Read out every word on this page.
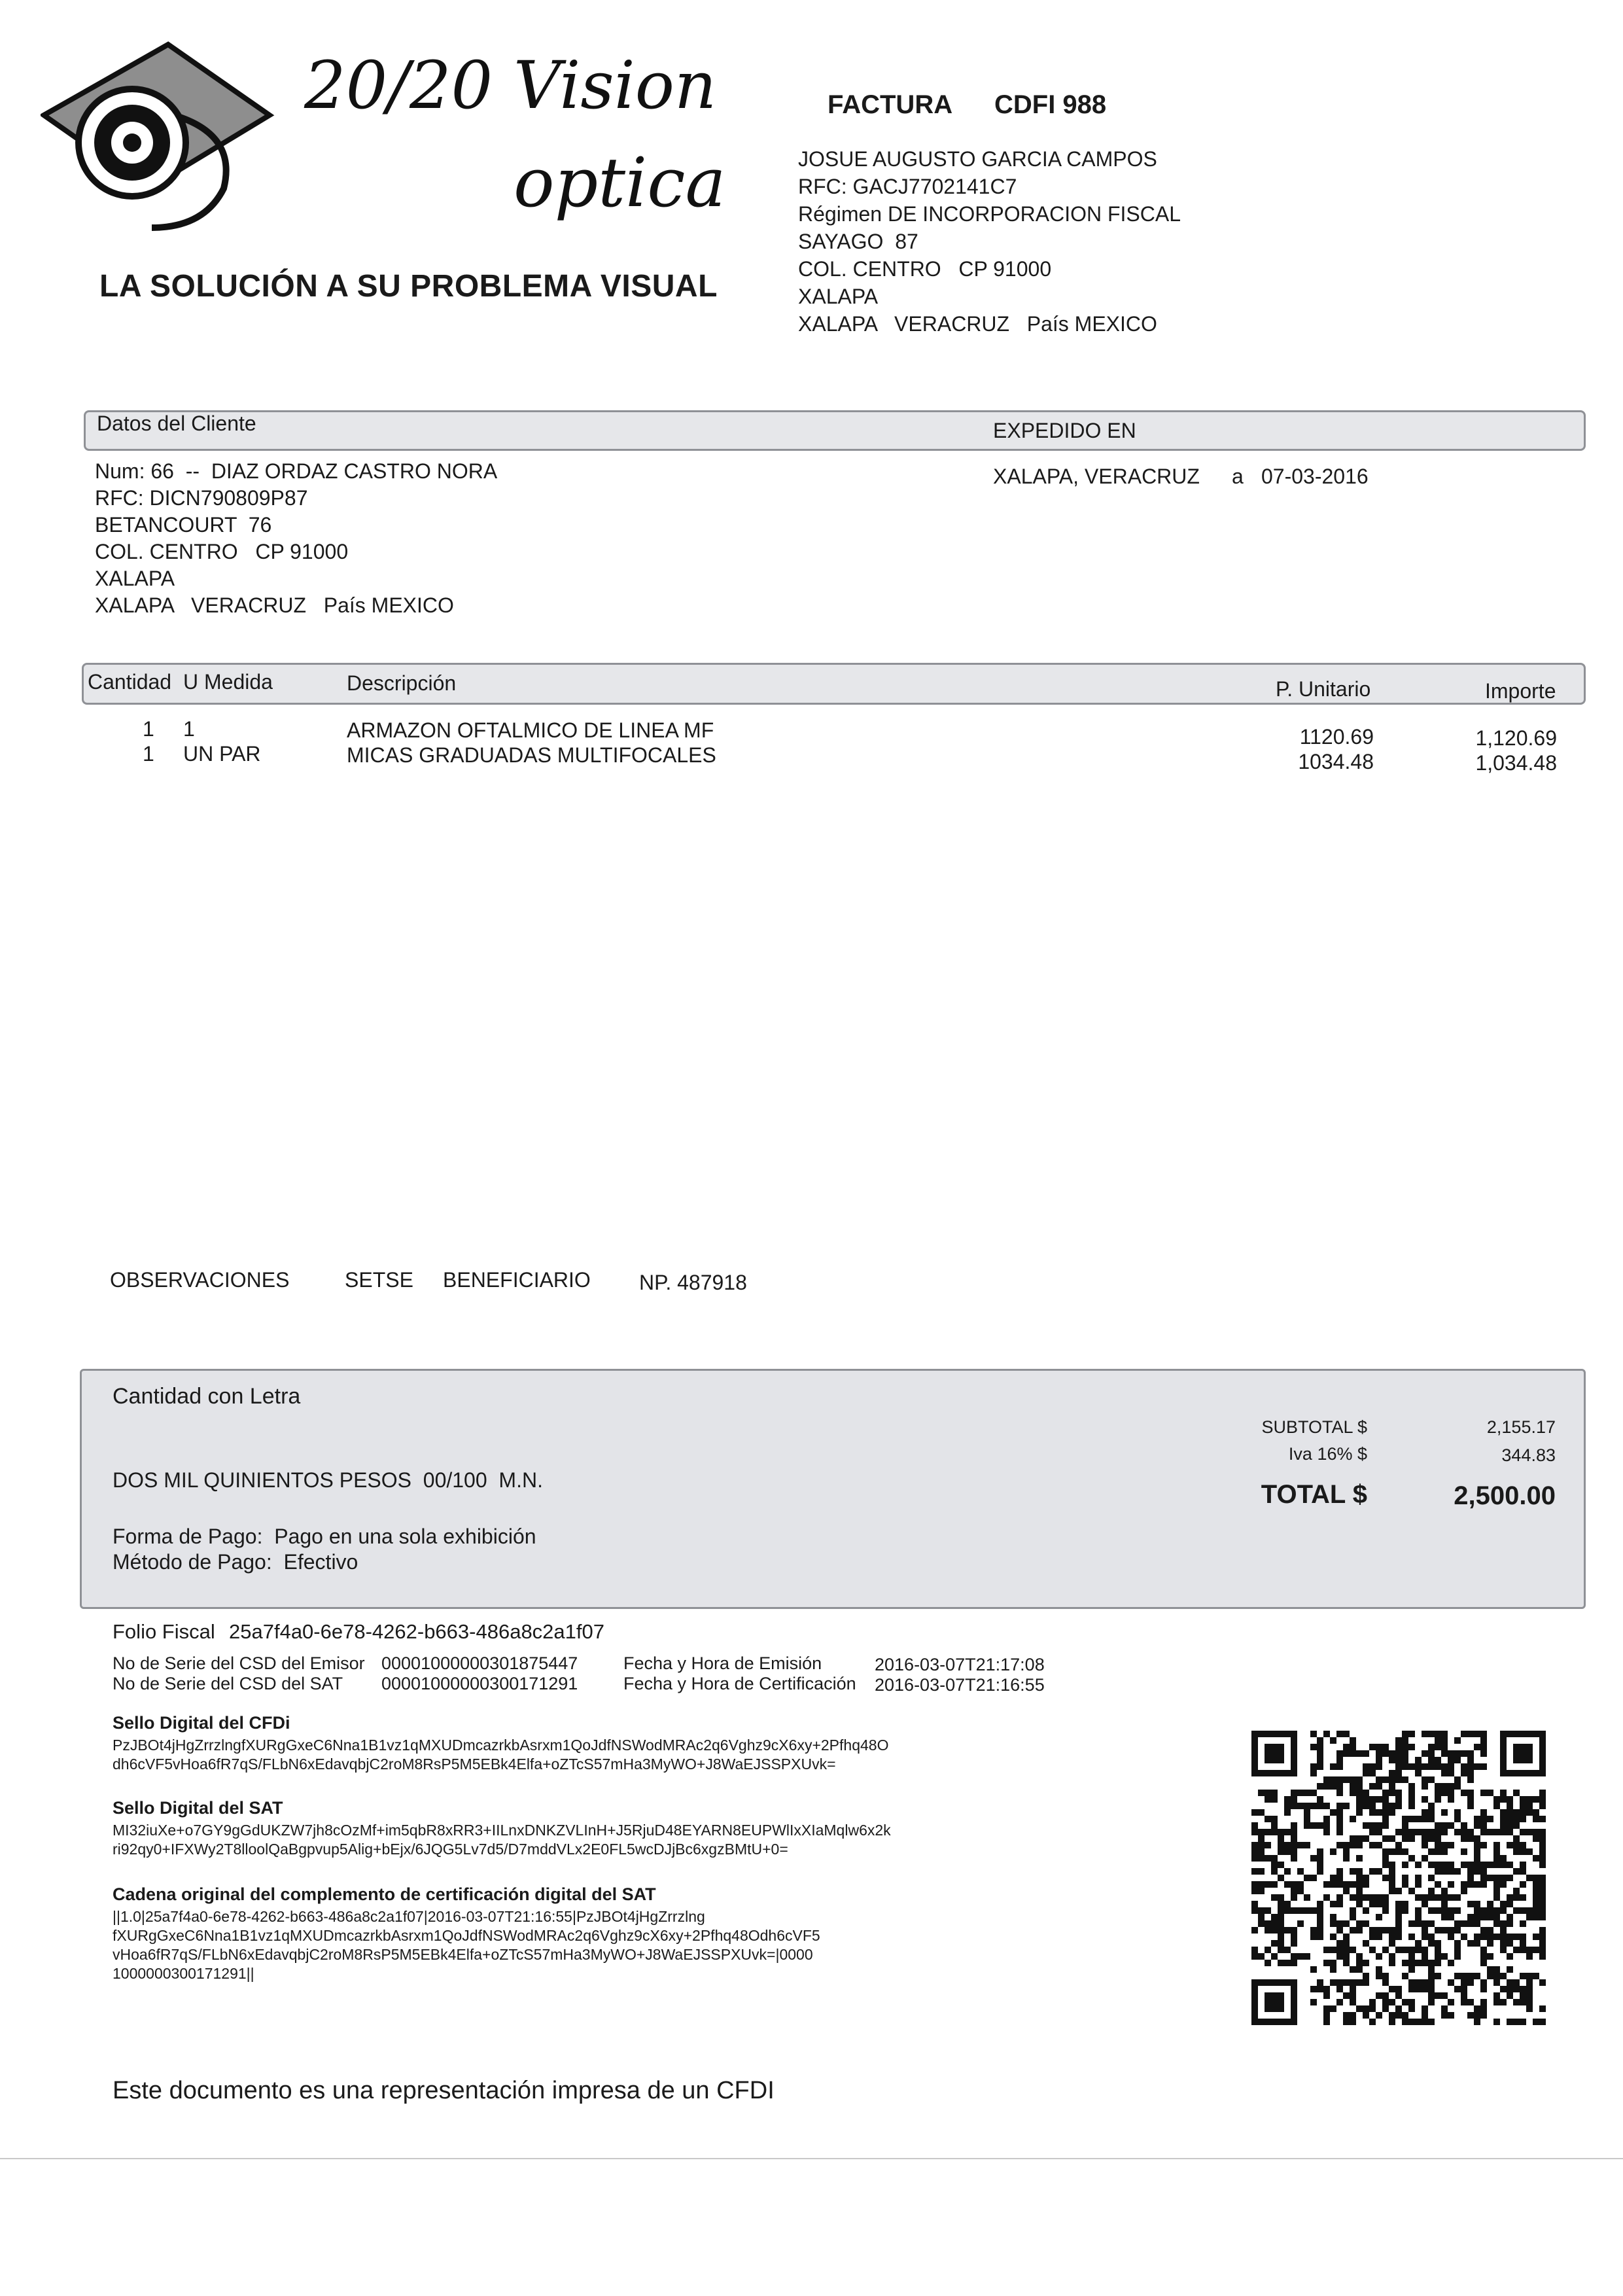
20/20 Vision
optica
LA SOLUCIÓN A SU PROBLEMA VISUAL
FACTURA CDFI 988
JOSUE AUGUSTO GARCIA CAMPOS
RFC: GACJ7702141C7
Régimen DE INCORPORACION FISCAL
SAYAGO  87
COL. CENTRO   CP 91000
XALAPA
XALAPA   VERACRUZ   País MEXICO
Datos del Cliente	EXPEDIDO EN
Num: 66  --  DIAZ ORDAZ CASTRO NORA
RFC: DICN790809P87
BETANCOURT  76
COL. CENTRO   CP 91000
XALAPA
XALAPA   VERACRUZ   País MEXICO
XALAPA, VERACRUZ a 07-03-2016
Cantidad U Medida	Descripción	P. Unitario	Importe
1 1	ARMAZON OFTALMICO DE LINEA MF	1120.69	1,120.69
1 UN PAR	MICAS GRADUADAS MULTIFOCALES	1034.48	1,034.48
OBSERVACIONES	SETSE BENEFICIARIO NP. 487918
Cantidad con Letra
DOS MIL QUINIENTOS PESOS  00/100  M.N.
Forma de Pago:  Pago en una sola exhibición
Método de Pago:  Efectivo
SUBTOTAL $	2,155.17
Iva 16% $	344.83
TOTAL $	2,500.00
Folio Fiscal 25a7f4a0-6e78-4262-b663-486a8c2a1f07
No de Serie del CSD del Emisor 00001000000301875447
No de Serie del CSD del SAT 00001000000300171291
Fecha y Hora de Emisión	2016-03-07T21:17:08
Fecha y Hora de Certificación 2016-03-07T21:16:55
Sello Digital del CFDi
PzJBOt4jHgZrrzlngfXURgGxeC6Nna1B1vz1qMXUDmcazrkbAsrxm1QoJdfNSWodMRAc2q6Vghz9cX6xy+2Pfhq48O
dh6cVF5vHoa6fR7qS/FLbN6xEdavqbjC2roM8RsP5M5EBk4Elfa+oZTcS57mHa3MyWO+J8WaEJSSPXUvk=
Sello Digital del SAT
MI32iuXe+o7GY9gGdUKZW7jh8cOzMf+im5qbR8xRR3+IILnxDNKZVLInH+J5RjuD48EYARN8EUPWlIxXIaMqlw6x2k
ri92qy0+IFXWy2T8lloolQaBgpvup5Alig+bEjx/6JQG5Lv7d5/D7mddVLx2E0FL5wcDJjBc6xgzBMtU+0=
Cadena original del complemento de certificación digital del SAT
||1.0|25a7f4a0-6e78-4262-b663-486a8c2a1f07|2016-03-07T21:16:55|PzJBOt4jHgZrrzlng
fXURgGxeC6Nna1B1vz1qMXUDmcazrkbAsrxm1QoJdfNSWodMRAc2q6Vghz9cX6xy+2Pfhq48Odh6cVF5
vHoa6fR7qS/FLbN6xEdavqbjC2roM8RsP5M5EBk4Elfa+oZTcS57mHa3MyWO+J8WaEJSSPXUvk=|0000
1000000300171291||
Este documento es una representación impresa de un CFDI
